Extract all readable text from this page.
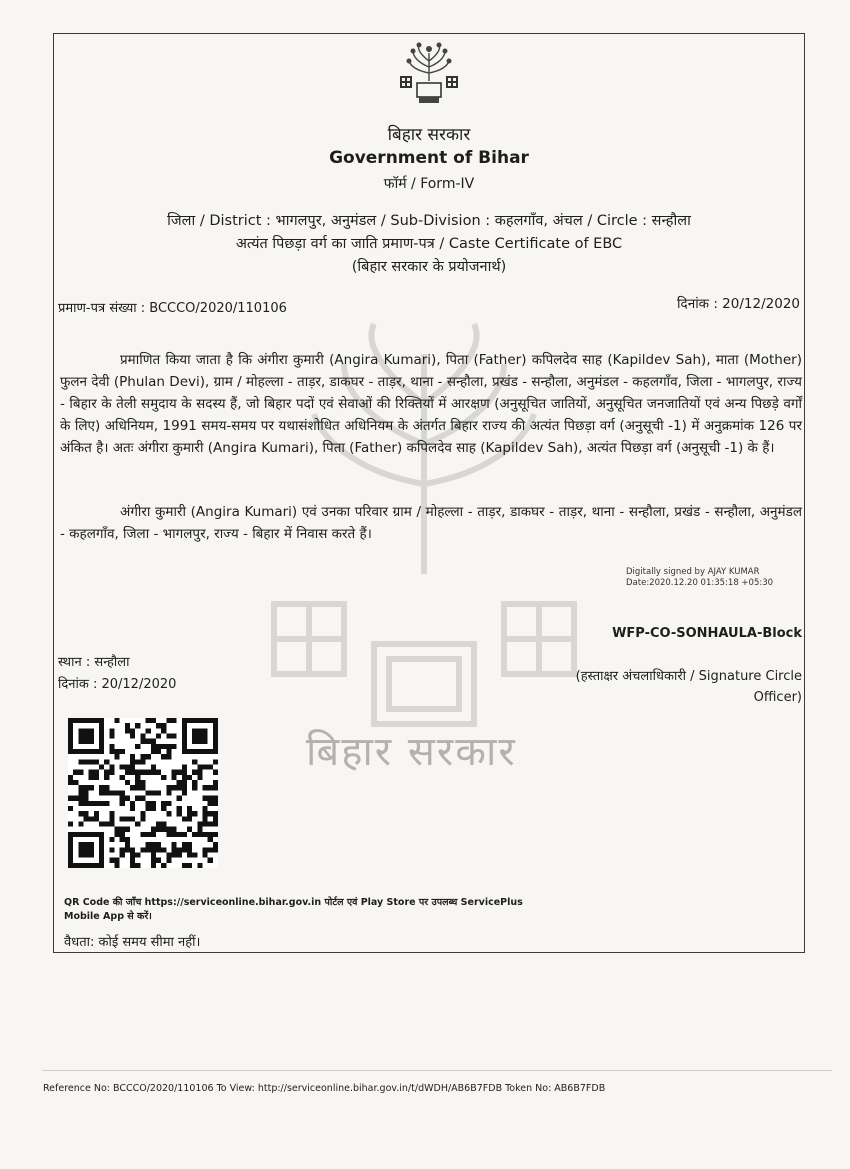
बिहार सरकार
बिहार सरकार
Government of Bihar
फॉर्म / Form-IV
जिला / District : भागलपुर, अनुमंडल / Sub-Division : कहलगाँव, अंचल / Circle : सन्हौला
अत्यंत पिछड़ा वर्ग का जाति प्रमाण-पत्र / Caste Certificate of EBC
(बिहार सरकार के प्रयोजनार्थ)
प्रमाण-पत्र संख्या : BCCCO/2020/110106	दिनांक : 20/12/2020

प्रमाणित किया जाता है कि अंगीरा कुमारी (Angira Kumari), पिता (Father) कपिलदेव साह (Kapildev Sah), माता (Mother) फुलन देवी (Phulan Devi), ग्राम / मोहल्ला - ताड़र, डाकघर - ताड़र, थाना - सन्हौला, प्रखंड - सन्हौला, अनुमंडल - कहलगाँव, जिला - भागलपुर, राज्य - बिहार के तेली समुदाय के सदस्य हैं, जो बिहार पदों एवं सेवाओं की रिक्तियों में आरक्षण (अनुसूचित जातियों, अनुसूचित जनजातियों एवं अन्य पिछड़े वर्गों के लिए) अधिनियम, 1991 समय-समय पर यथासंशोधित अधिनियम के अंतर्गत बिहार राज्य की अत्यंत पिछड़ा वर्ग (अनुसूची -1) में अनुक्रमांक 126 पर अंकित है। अतः अंगीरा कुमारी (Angira Kumari), पिता (Father) कपिलदेव साह (Kapildev Sah), अत्यंत पिछड़ा वर्ग (अनुसूची -1) के हैं।

अंगीरा कुमारी (Angira Kumari) एवं उनका परिवार ग्राम / मोहल्ला - ताड़र, डाकघर - ताड़र, थाना - सन्हौला, प्रखंड - सन्हौला, अनुमंडल - कहलगाँव, जिला - भागलपुर, राज्य - बिहार में निवास करते हैं।

Digitally signed by AJAY KUMAR
Date:2020.12.20 01:35:18 +05:30
WFP-CO-SONHAULA-Block
स्थान : सन्हौला
दिनांक : 20/12/2020
(हस्ताक्षर अंचलाधिकारी / Signature Circle
Officer)
QR Code की जाँच https://serviceonline.bihar.gov.in पोर्टल एवं Play Store पर उपलब्ध ServicePlus Mobile App से करें।
वैधता: कोई समय सीमा नहीं।
Reference No: BCCCO/2020/110106 To View: http://serviceonline.bihar.gov.in/t/dWDH/AB6B7FDB Token No: AB6B7FDB
